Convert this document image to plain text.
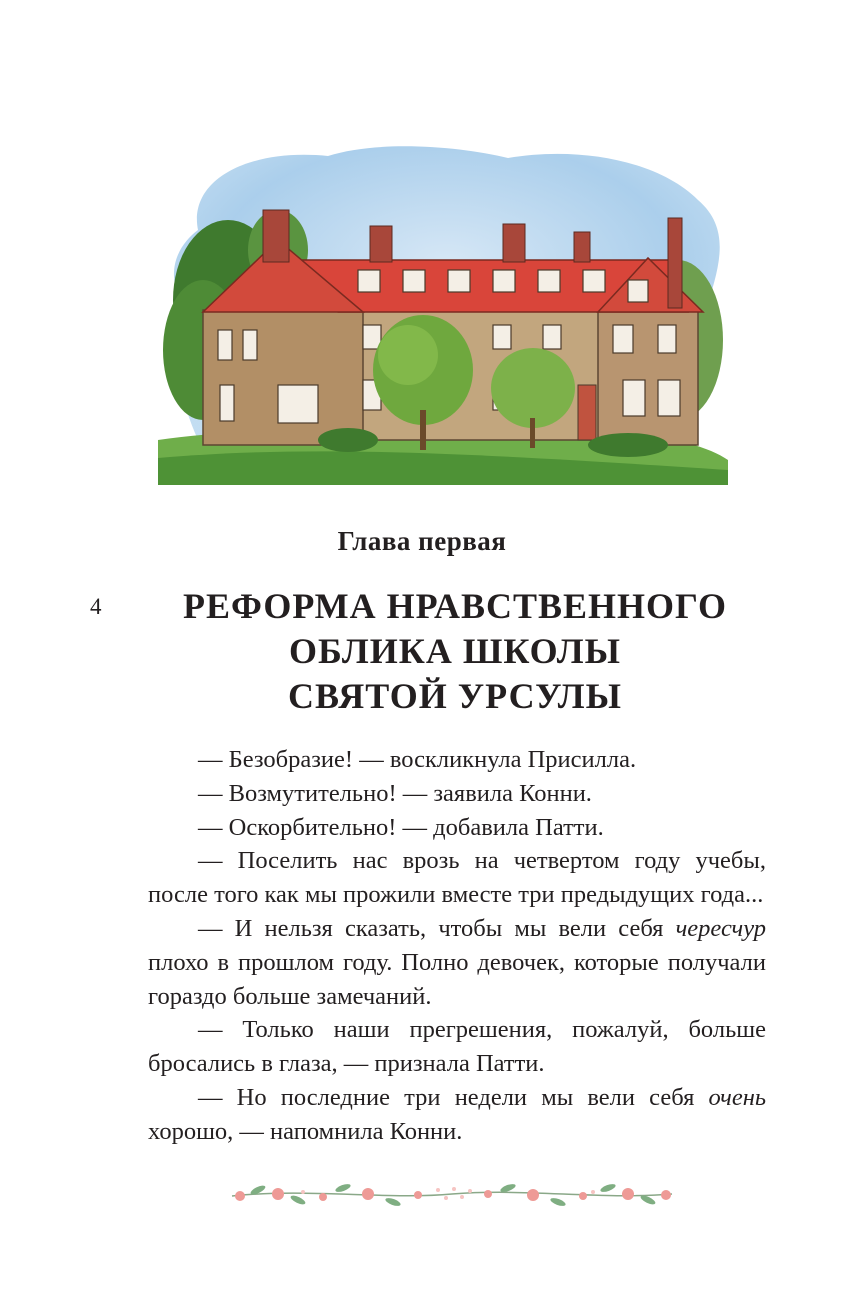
Глава первая
4	РЕФОРМА НРАВСТВЕННОГО
ОБЛИКА ШКОЛЫ
СВЯТОЙ УРСУЛЫ

— Безобразие! — воскликнула Присилла.

— Возмутительно! — заявила Конни.

— Оскорбительно! — добавила Патти.

— Поселить нас врозь на четвертом году учебы, после того как мы прожили вместе три предыдущих года...

— И нельзя сказать, чтобы мы вели себя чересчур плохо в прошлом году. Полно девочек, которые получали гораздо больше замечаний.

— Только наши прегрешения, пожалуй, больше бросались в глаза, — признала Патти.

— Но последние три недели мы вели себя очень хорошо, — напомнила Конни.
